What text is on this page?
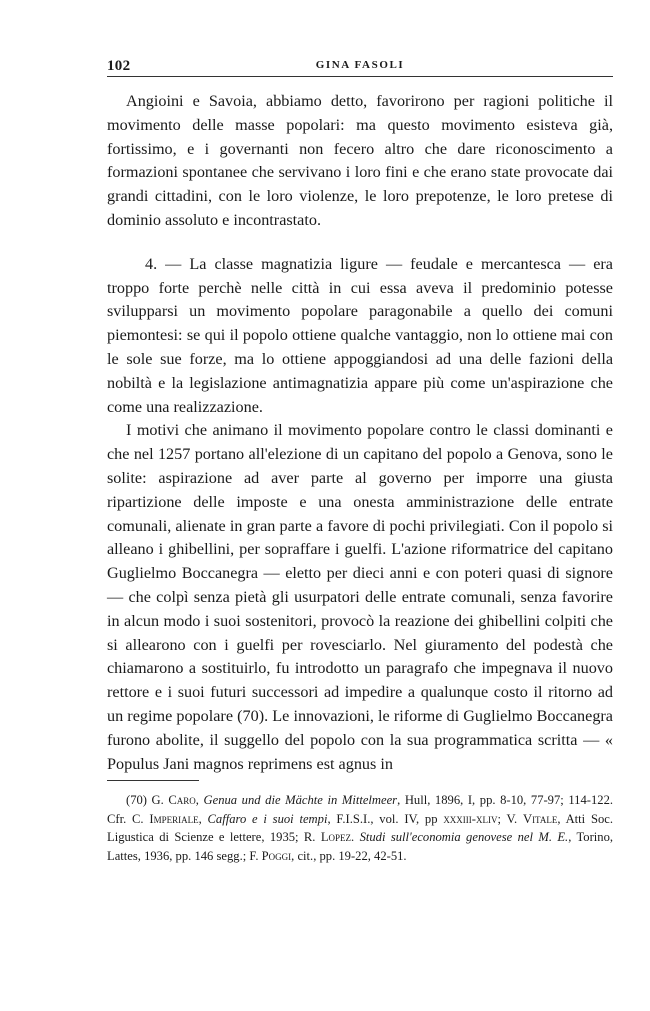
102	GINA FASOLI

Angioini e Savoia, abbiamo detto, favorirono per ragioni politiche il movimento delle masse popolari: ma questo movimento esisteva già, fortissimo, e i governanti non fecero altro che dare riconoscimento a formazioni spontanee che servivano i loro fini e che erano state provocate dai grandi cittadini, con le loro violenze, le loro prepotenze, le loro pretese di dominio assoluto e incontrastato.

4. — La classe magnatizia ligure — feudale e mercantesca — era troppo forte perchè nelle città in cui essa aveva il predominio potesse svilupparsi un movimento popolare paragonabile a quello dei comuni piemontesi: se qui il popolo ottiene qualche vantaggio, non lo ottiene mai con le sole sue forze, ma lo ottiene appoggiandosi ad una delle fazioni della nobiltà e la legislazione antimagnatizia appare più come un'aspirazione che come una realizzazione.

I motivi che animano il movimento popolare contro le classi dominanti e che nel 1257 portano all'elezione di un capitano del popolo a Genova, sono le solite: aspirazione ad aver parte al governo per imporre una giusta ripartizione delle imposte e una onesta amministrazione delle entrate comunali, alienate in gran parte a favore di pochi privilegiati. Con il popolo si alleano i ghibellini, per sopraffare i guelfi. L'azione riformatrice del capitano Guglielmo Boccanegra — eletto per dieci anni e con poteri quasi di signore — che colpì senza pietà gli usurpatori delle entrate comunali, senza favorire in alcun modo i suoi sostenitori, provocò la reazione dei ghibellini colpiti che si allearono con i guelfi per rovesciarlo. Nel giuramento del podestà che chiamarono a sostituirlo, fu introdotto un paragrafo che impegnava il nuovo rettore e i suoi futuri successori ad impedire a qualunque costo il ritorno ad un regime popolare (70). Le innovazioni, le riforme di Guglielmo Boccanegra furono abolite, il suggello del popolo con la sua programmatica scritta — « Populus Jani magnos reprimens est agnus in

(70) G. Caro, Genua und die Mächte in Mittelmeer, Hull, 1896, I, pp. 8-10, 77-97; 114-122. Cfr. C. Imperiale, Caffaro e i suoi tempi, F.I.S.I., vol. IV, pp xxxiii-xliv; V. Vitale, Atti Soc. Ligustica di Scienze e lettere, 1935; R. Lopez. Studi sull'economia genovese nel M. E., Torino, Lattes, 1936, pp. 146 segg.; F. Poggi, cit., pp. 19-22, 42-51.
